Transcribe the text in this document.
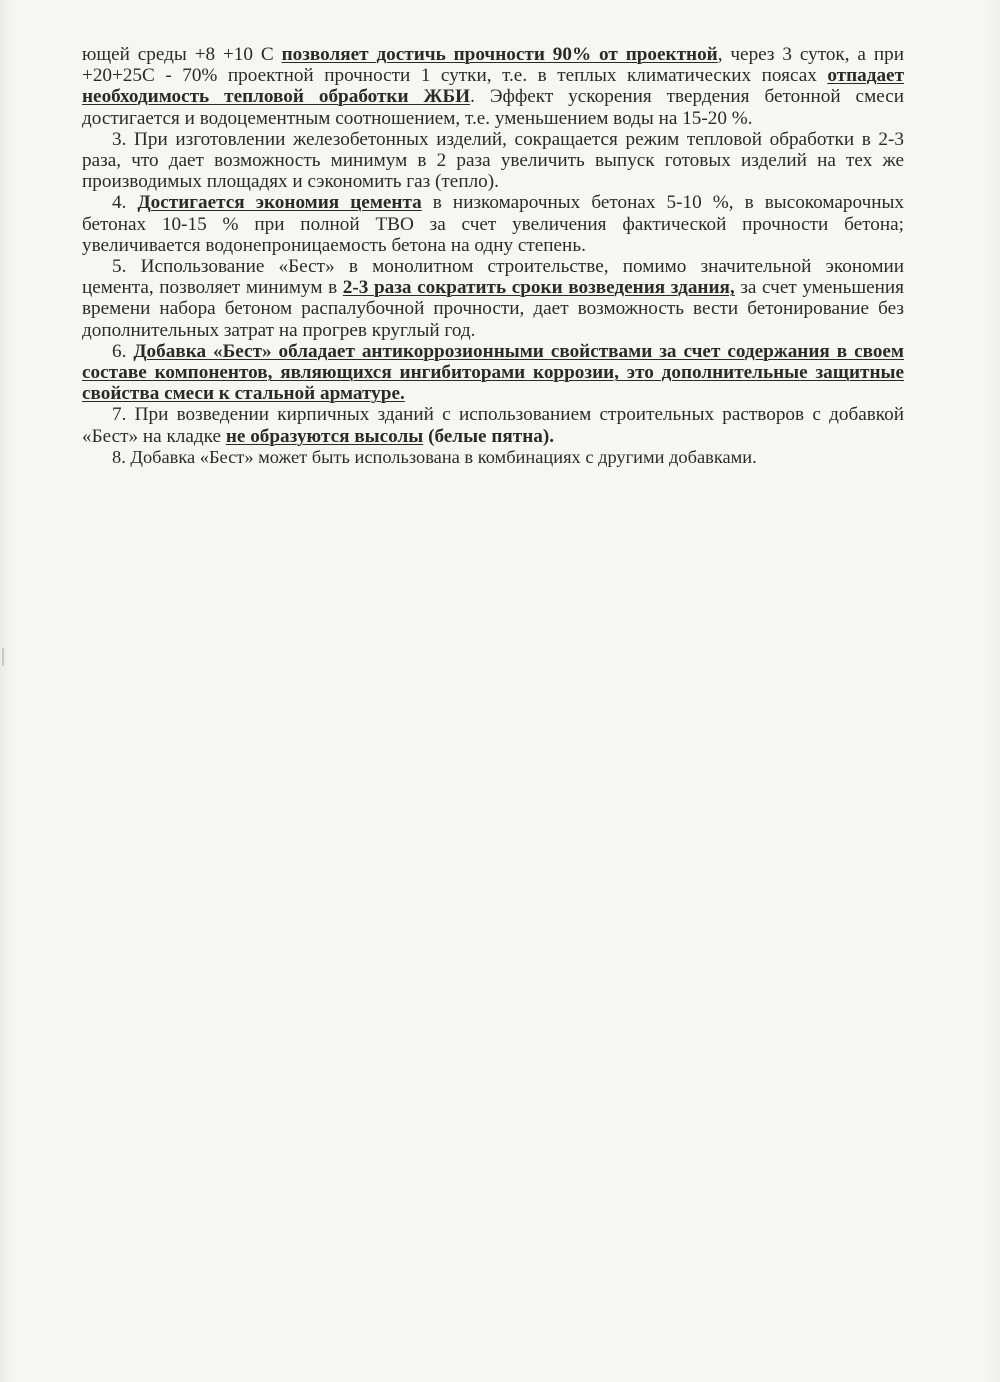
ющей среды +8 +10 С позволяет достичь прочности 90% от проектной, через 3 суток, а при +20+25С - 70% проектной прочности 1 сутки, т.е. в теплых климатических поясах отпадает необходимость тепловой обработки ЖБИ. Эффект ускорения твердения бетонной смеси достигается и водоцементным соотношением, т.е. уменьшением воды на 15-20 %.

3. При изготовлении железобетонных изделий, сокращается режим тепловой обработки в 2-3 раза, что дает возможность минимум в 2 раза увеличить выпуск готовых изделий на тех же производимых площадях и сэкономить газ (тепло).

4. Достигается экономия цемента в низкомарочных бетонах 5-10 %, в высокомарочных бетонах 10-15 % при полной ТВО за счет увеличения фактической прочности бетона; увеличивается водонепроницаемость бетона на одну степень.

5. Использование «Бест» в монолитном строительстве, помимо значительной экономии цемента, позволяет минимум в 2-3 раза сократить сроки возведения здания, за счет уменьшения времени набора бетоном распалубочной прочности, дает возможность вести бетонирование без дополнительных затрат на прогрев круглый год.

6. Добавка «Бест» обладает антикоррозионными свойствами за счет содержания в своем составе компонентов, являющихся ингибиторами коррозии, это дополнительные защитные свойства смеси к стальной арматуре.

7. При возведении кирпичных зданий с использованием строительных растворов с добавкой «Бест» на кладке не образуются высолы (белые пятна).

8. Добавка «Бест» может быть использована в комбинациях с другими добавками.
